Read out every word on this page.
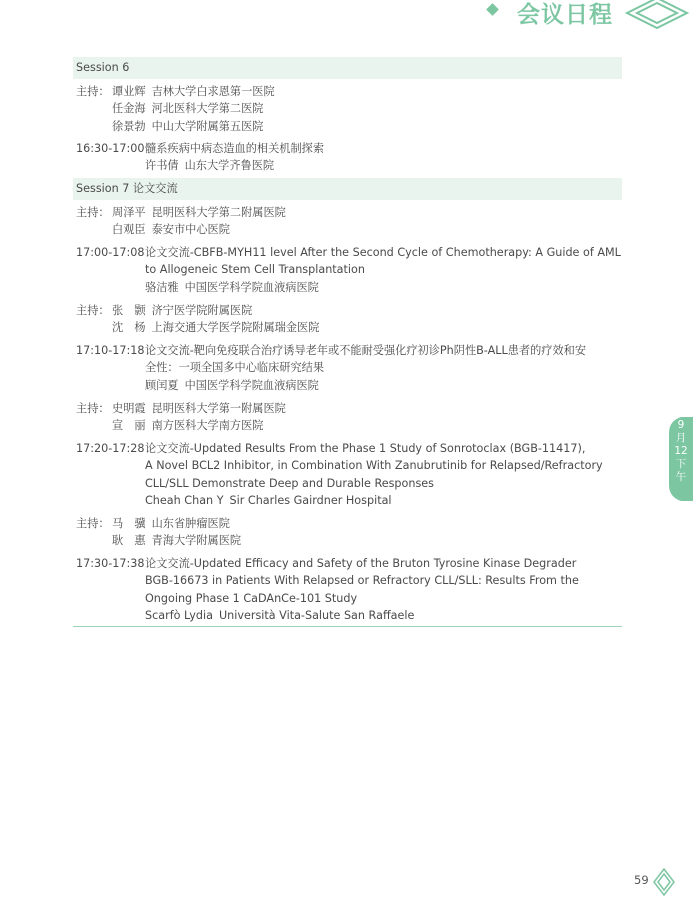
会议日程
Session 6
主持： 谭业辉 吉林大学白求恩第一医院
任金海 河北医科大学第二医院
徐景勃 中山大学附属第五医院
16:30-17:00 髓系疾病中病态造血的相关机制探索
许书倩 山东大学齐鲁医院
Session 7 论文交流
主持： 周泽平 昆明医科大学第二附属医院
白观臣 泰安市中心医院
17:00-17:08 论文交流-CBFB-MYH11 level After the Second Cycle of Chemotherapy: A Guide of AML
to Allogeneic Stem Cell Transplantation
骆洁雅 中国医学科学院血液病医院
主持： 张　颢 济宁医学院附属医院
沈　杨 上海交通大学医学院附属瑞金医院
17:10-17:18 论文交流-靶向免疫联合治疗诱导老年或不能耐受强化疗初诊Ph阴性B-ALL患者的疗效和安
全性：一项全国多中心临床研究结果
顾闰夏 中国医学科学院血液病医院
主持： 史明霞 昆明医科大学第一附属医院
宣　丽 南方医科大学南方医院
17:20-17:28 论文交流-Updated Results From the Phase 1 Study of Sonrotoclax (BGB-11417),
A Novel BCL2 Inhibitor, in Combination With Zanubrutinib for Relapsed/Refractory
CLL/SLL Demonstrate Deep and Durable Responses
Cheah Chan Y Sir Charles Gairdner Hospital
主持： 马　骥 山东省肿瘤医院
耿　惠 青海大学附属医院
17:30-17:38 论文交流-Updated Efficacy and Safety of the Bruton Tyrosine Kinase Degrader
BGB-16673 in Patients With Relapsed or Refractory CLL/SLL: Results From the
Ongoing Phase 1 CaDAnCe-101 Study
Scarfò Lydia Università Vita-Salute San Raffaele
9
月
12
下
午
59
